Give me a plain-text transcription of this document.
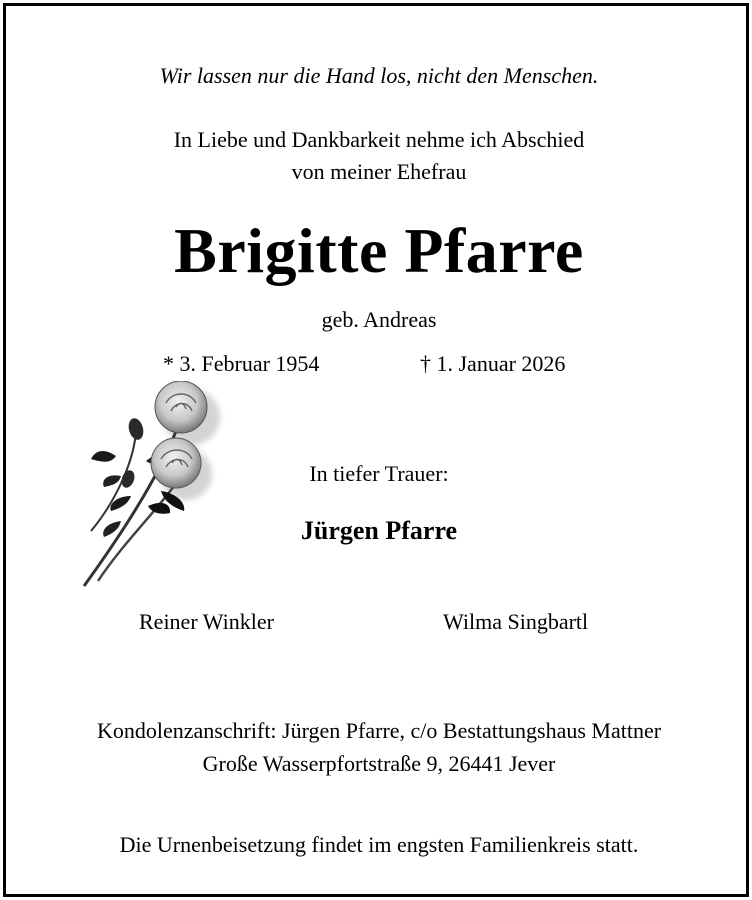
Wir lassen nur die Hand los, nicht den Menschen.
In Liebe und Dankbarkeit nehme ich Abschied
von meiner Ehefrau
Brigitte Pfarre
geb. Andreas
* 3. Februar 1954	† 1. Januar 2026
In tiefer Trauer:
Jürgen Pfarre
Reiner Winkler	Wilma Singbartl
Kondolenzanschrift: Jürgen Pfarre, c/o Bestattungshaus Mattner
Große Wasserpfortstraße 9, 26441 Jever
Die Urnenbeisetzung findet im engsten Familienkreis statt.
